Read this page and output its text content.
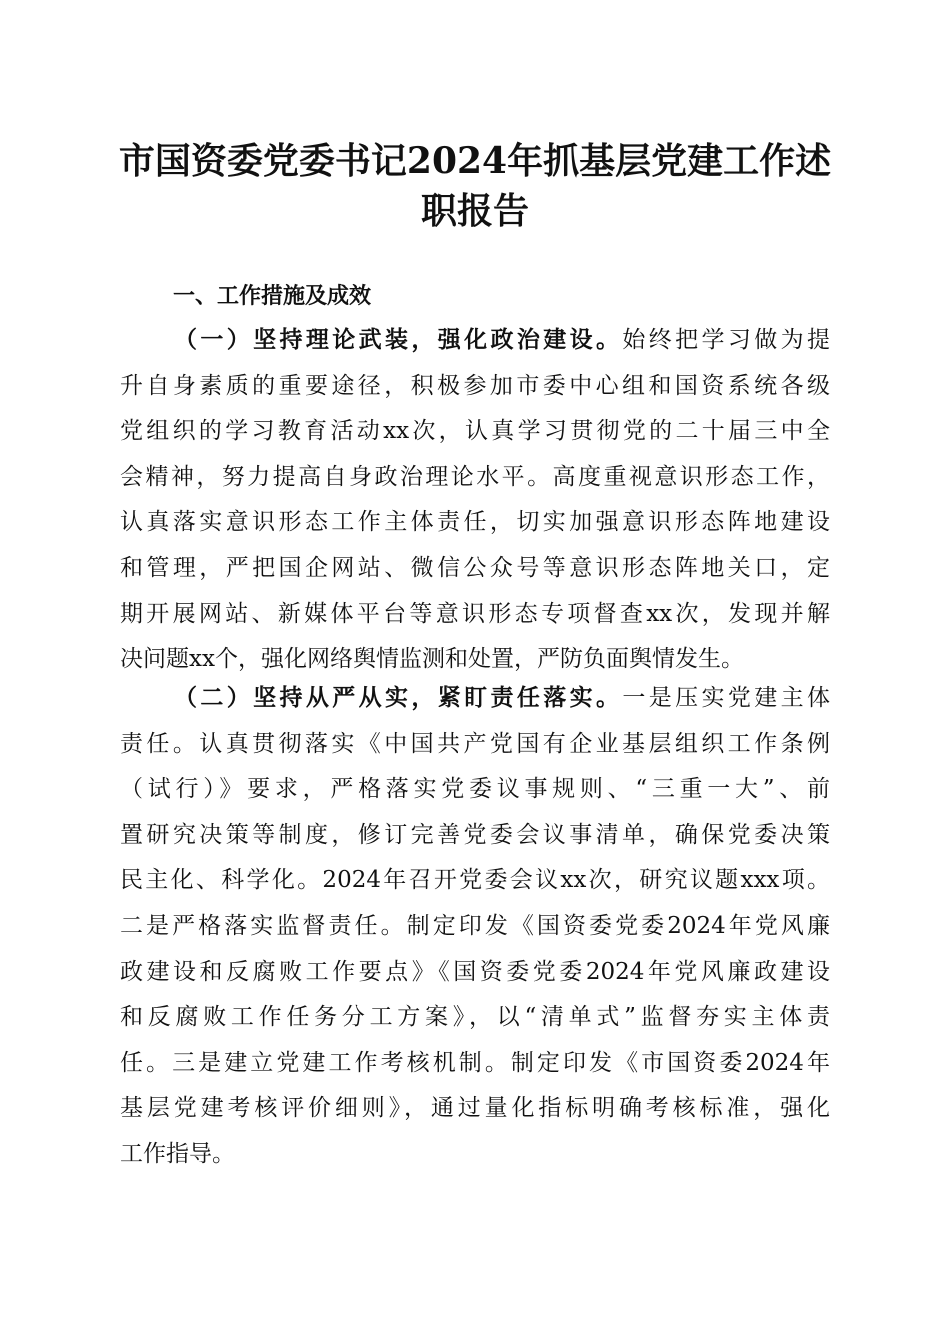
市国资委党委书记2024年抓基层党建工作述
职报告
一、工作措施及成效
（一）坚持理论武装，强化政治建设。始终把学习做为提
升自身素质的重要途径，积极参加市委中心组和国资系统各级
党组织的学习教育活动xx次，认真学习贯彻党的二十届三中全
会精神，努力提高自身政治理论水平。高度重视意识形态工作，
认真落实意识形态工作主体责任，切实加强意识形态阵地建设
和管理，严把国企网站、微信公众号等意识形态阵地关口，定
期开展网站、新媒体平台等意识形态专项督查xx次，发现并解
决问题xx个，强化网络舆情监测和处置，严防负面舆情发生。
（二）坚持从严从实，紧盯责任落实。一是压实党建主体
责任。认真贯彻落实《中国共产党国有企业基层组织工作条例
（试行）》要求，严格落实党委议事规则、“三重一大”、前
置研究决策等制度，修订完善党委会议事清单，确保党委决策
民主化、科学化。2024年召开党委会议xx次，研究议题xxx项。
二是严格落实监督责任。制定印发《国资委党委2024年党风廉
政建设和反腐败工作要点》《国资委党委2024年党风廉政建设
和反腐败工作任务分工方案》，以“清单式”监督夯实主体责
任。三是建立党建工作考核机制。制定印发《市国资委2024年
基层党建考核评价细则》，通过量化指标明确考核标准，强化
工作指导。
